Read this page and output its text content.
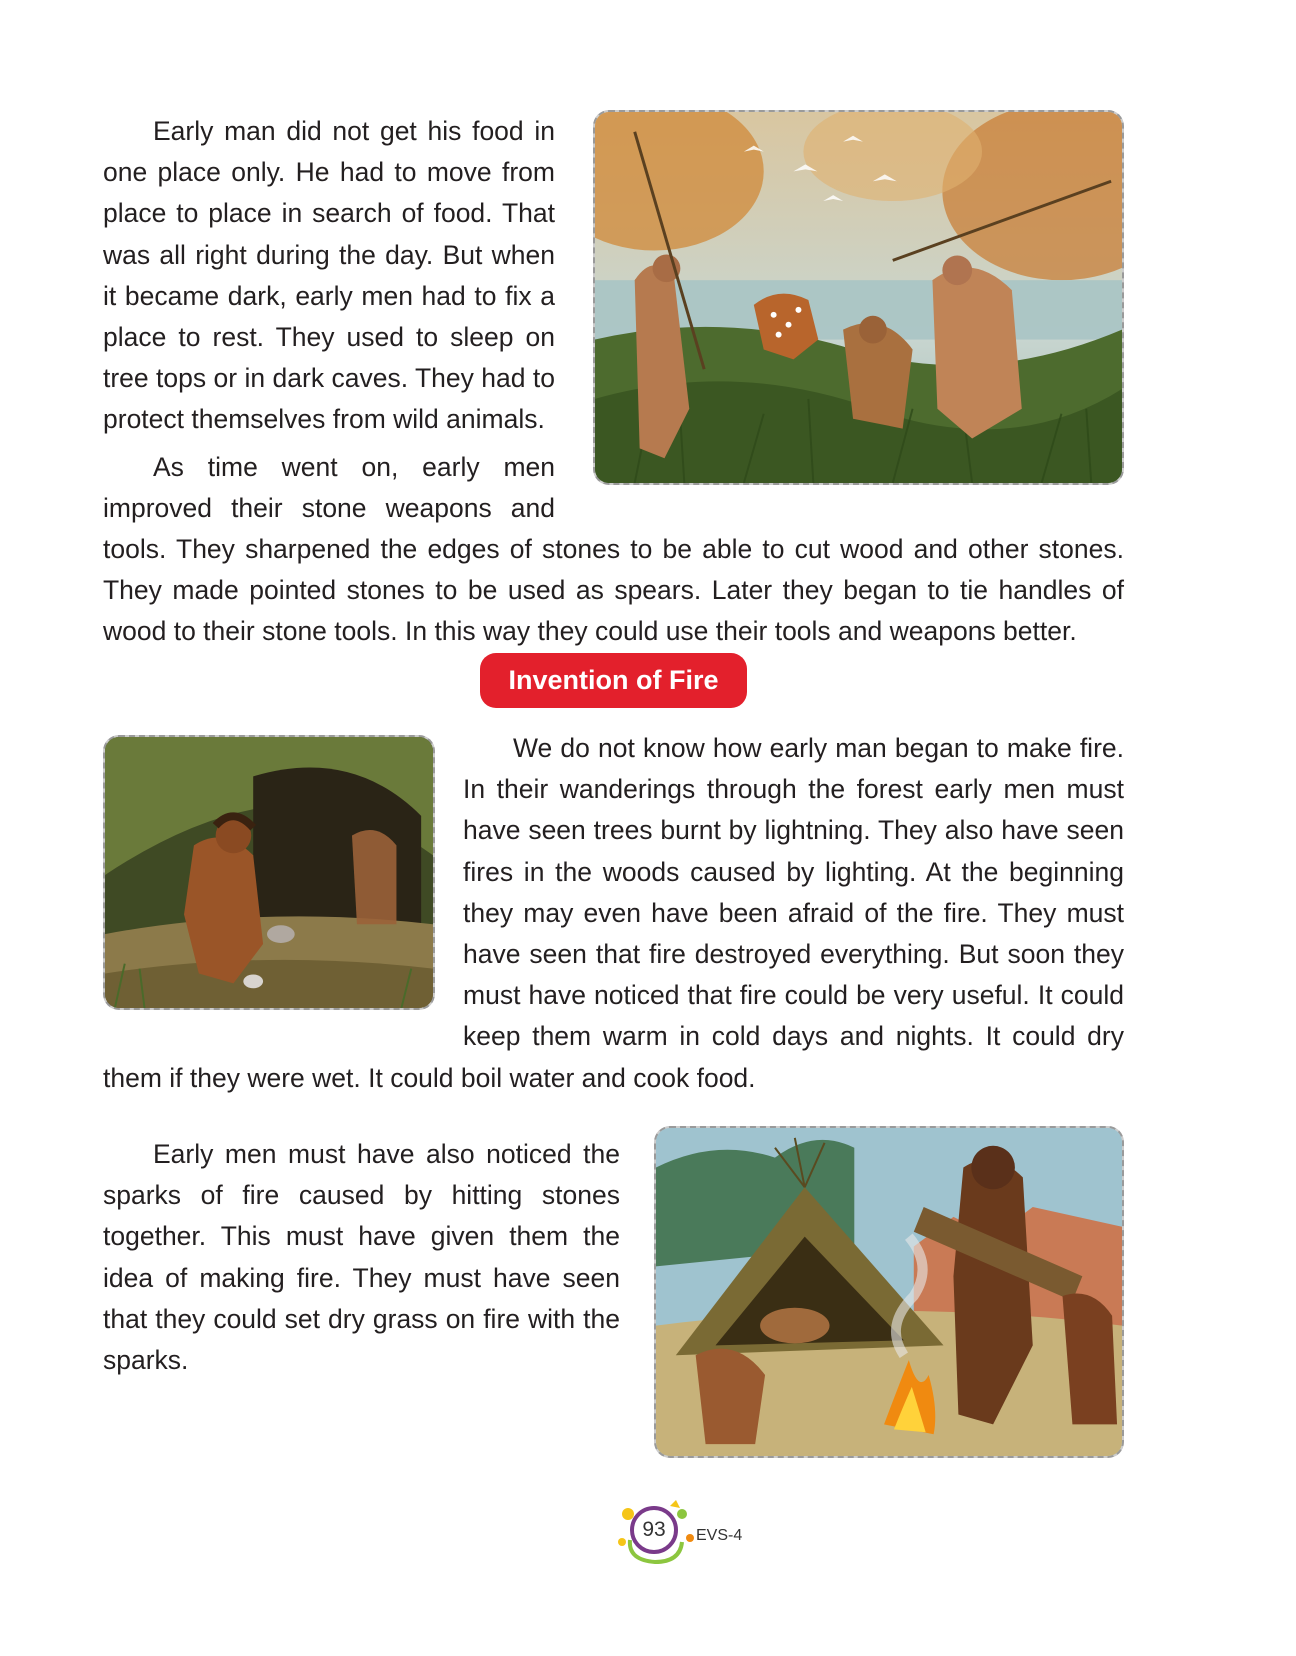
Early man did not get his food in one place only. He had to move from place to place in search of food. That was all right during the day. But when it became dark, early men had to fix a place to rest. They used to sleep on tree tops or in dark caves. They had to protect themselves from wild animals.

As time went on, early men improved their stone weapons and tools. They sharpened the edges of stones to be able to cut wood and other stones. They made pointed stones to be used as spears. Later they began to tie handles of wood to their stone tools. In this way they could use their tools and weapons better.

Invention of Fire

We do not know how early man began to make fire. In their wanderings through the forest early men must have seen trees burnt by lightning. They also have seen fires in the woods caused by lighting. At the beginning they may even have been afraid of the fire. They must have seen that fire destroyed everything. But soon they must have noticed that fire could be very useful. It could keep them warm in cold days and nights. It could dry them if they were wet. It could boil water and cook food.

Early men must have also noticed the sparks of fire caused by hitting stones together. This must have given them the idea of making fire. They must have seen that they could set dry grass on fire with the sparks.

93	EVS-4
